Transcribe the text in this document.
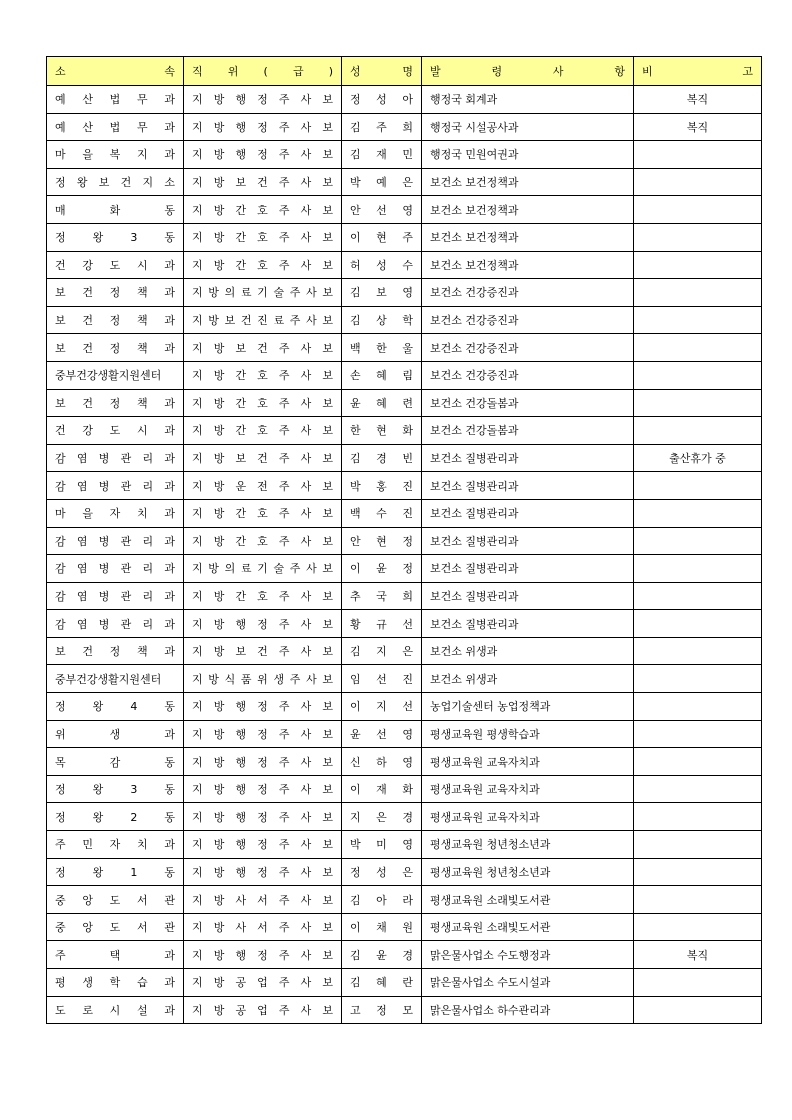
소 속	직 위 ( 급 )	성 명	발 령 사 항	비 고
예 산 법 무 과	지 방 행 정 주 사 보	정 성 아	행정국 회계과	복직
예 산 법 무 과	지 방 행 정 주 사 보	김 주 희	행정국 시설공사과	복직
마 을 복 지 과	지 방 행 정 주 사 보	김 재 민	행정국 민원여권과	
정 왕 보 건 지 소	지 방 보 건 주 사 보	박 예 은	보건소 보건정책과	
매 화 동	지 방 간 호 주 사 보	안 선 영	보건소 보건정책과	
정 왕 3 동	지 방 간 호 주 사 보	이 현 주	보건소 보건정책과	
건 강 도 시 과	지 방 간 호 주 사 보	허 성 수	보건소 보건정책과	
보 건 정 책 과	지 방 의 료 기 술 주 사 보	김 보 영	보건소 건강증진과	
보 건 정 책 과	지 방 보 건 진 료 주 사 보	김 상 학	보건소 건강증진과	
보 건 정 책 과	지 방 보 건 주 사 보	백 한 울	보건소 건강증진과	
중부건강생활지원센터	지 방 간 호 주 사 보	손 혜 림	보건소 건강증진과	
보 건 정 책 과	지 방 간 호 주 사 보	윤 혜 련	보건소 건강돌봄과	
건 강 도 시 과	지 방 간 호 주 사 보	한 현 화	보건소 건강돌봄과	
감 염 병 관 리 과	지 방 보 건 주 사 보	김 경 빈	보건소 질병관리과	출산휴가 중
감 염 병 관 리 과	지 방 운 전 주 사 보	박 홍 진	보건소 질병관리과	
마 을 자 치 과	지 방 간 호 주 사 보	백 수 진	보건소 질병관리과	
감 염 병 관 리 과	지 방 간 호 주 사 보	안 현 정	보건소 질병관리과	
감 염 병 관 리 과	지 방 의 료 기 술 주 사 보	이 윤 정	보건소 질병관리과	
감 염 병 관 리 과	지 방 간 호 주 사 보	추 국 희	보건소 질병관리과	
감 염 병 관 리 과	지 방 행 정 주 사 보	황 규 선	보건소 질병관리과	
보 건 정 책 과	지 방 보 건 주 사 보	김 지 은	보건소 위생과	
중부건강생활지원센터	지 방 식 품 위 생 주 사 보	임 선 진	보건소 위생과	
정 왕 4 동	지 방 행 정 주 사 보	이 지 선	농업기술센터 농업정책과	
위 생 과	지 방 행 정 주 사 보	윤 선 영	평생교육원 평생학습과	
목 감 동	지 방 행 정 주 사 보	신 하 영	평생교육원 교육자치과	
정 왕 3 동	지 방 행 정 주 사 보	이 재 화	평생교육원 교육자치과	
정 왕 2 동	지 방 행 정 주 사 보	지 은 경	평생교육원 교육자치과	
주 민 자 치 과	지 방 행 정 주 사 보	박 미 영	평생교육원 청년청소년과	
정 왕 1 동	지 방 행 정 주 사 보	정 성 은	평생교육원 청년청소년과	
중 앙 도 서 관	지 방 사 서 주 사 보	김 아 라	평생교육원 소래빛도서관	
중 앙 도 서 관	지 방 사 서 주 사 보	이 채 원	평생교육원 소래빛도서관	
주 택 과	지 방 행 정 주 사 보	김 윤 경	맑은물사업소 수도행정과	복직
평 생 학 습 과	지 방 공 업 주 사 보	김 혜 란	맑은물사업소 수도시설과	
도 로 시 설 과	지 방 공 업 주 사 보	고 정 모	맑은물사업소 하수관리과	
